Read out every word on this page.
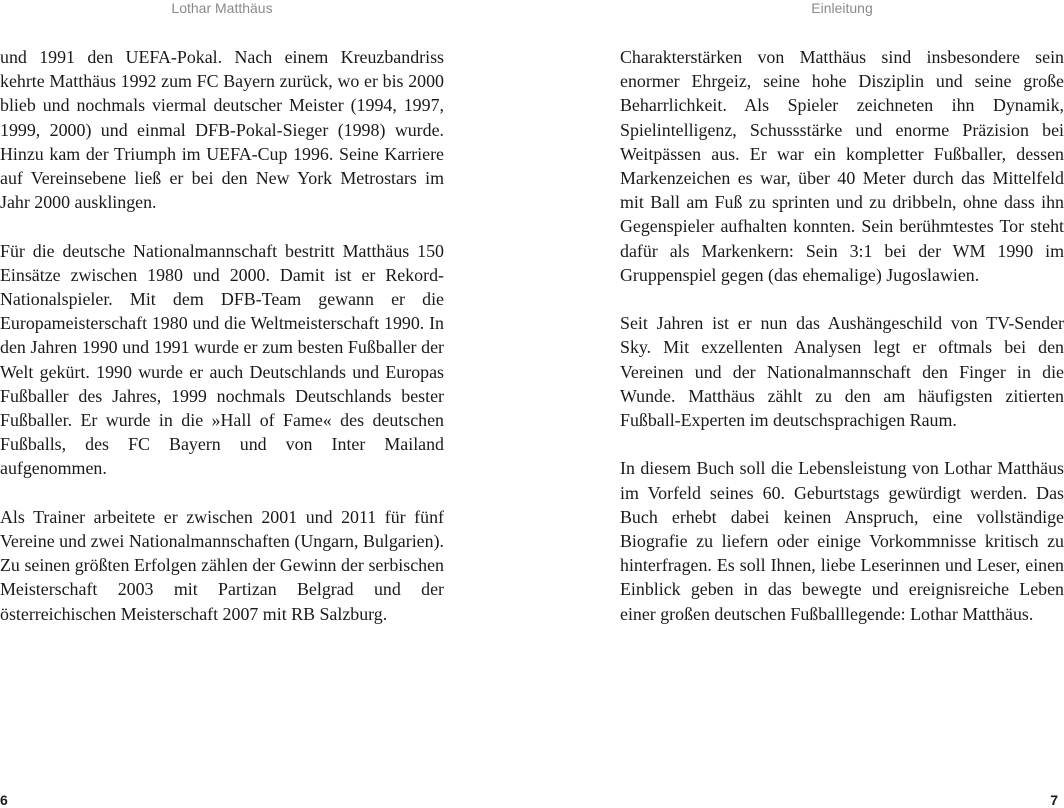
Lothar Matthäus	Einleitung

und 1991 den UEFA-Pokal. Nach einem Kreuzbandriss kehrte Matthäus 1992 zum FC Bayern zurück, wo er bis 2000 blieb und nochmals viermal deutscher Meister (1994, 1997, 1999, 2000) und einmal DFB-Pokal-Sieger (1998) wurde. Hinzu kam der Triumph im UEFA-Cup 1996. Seine Karriere auf Vereinsebene ließ er bei den New York Metrostars im Jahr 2000 ausklingen.

Für die deutsche Nationalmannschaft bestritt Matthäus 150 Einsätze zwischen 1980 und 2000. Damit ist er Rekord-Nationalspieler. Mit dem DFB-Team gewann er die Europameisterschaft 1980 und die Weltmeisterschaft 1990. In den Jahren 1990 und 1991 wurde er zum besten Fußballer der Welt gekürt. 1990 wurde er auch Deutschlands und Europas Fußballer des Jahres, 1999 nochmals Deutschlands bester Fußballer. Er wurde in die »Hall of Fame« des deutschen Fußballs, des FC Bayern und von Inter Mailand aufgenommen.

Als Trainer arbeitete er zwischen 2001 und 2011 für fünf Vereine und zwei Nationalmannschaften (Ungarn, Bulgarien). Zu seinen größten Erfolgen zählen der Gewinn der serbischen Meisterschaft 2003 mit Partizan Belgrad und der österreichischen Meisterschaft 2007 mit RB Salzburg.

Charakterstärken von Matthäus sind insbesondere sein enormer Ehrgeiz, seine hohe Disziplin und seine große Beharrlichkeit. Als Spieler zeichneten ihn Dynamik, Spielintelligenz, Schussstärke und enorme Präzision bei Weitpässen aus. Er war ein kompletter Fußballer, dessen Markenzeichen es war, über 40 Meter durch das Mittelfeld mit Ball am Fuß zu sprinten und zu dribbeln, ohne dass ihn Gegenspieler aufhalten konnten. Sein berühmtestes Tor steht dafür als Markenkern: Sein 3:1 bei der WM 1990 im Gruppenspiel gegen (das ehemalige) Jugoslawien.

Seit Jahren ist er nun das Aushängeschild von TV-Sender Sky. Mit exzellenten Analysen legt er oftmals bei den Vereinen und der Nationalmannschaft den Finger in die Wunde. Matthäus zählt zu den am häufigsten zitierten Fußball-Experten im deutschsprachigen Raum.

In diesem Buch soll die Lebensleistung von Lothar Matthäus im Vorfeld seines 60. Geburtstags gewürdigt werden. Das Buch erhebt dabei keinen Anspruch, eine vollständige Biografie zu liefern oder einige Vorkommnisse kritisch zu hinterfragen. Es soll Ihnen, liebe Leserinnen und Leser, einen Einblick geben in das bewegte und ereignisreiche Leben einer großen deutschen Fußballlegende: Lothar Matthäus.

6	7
